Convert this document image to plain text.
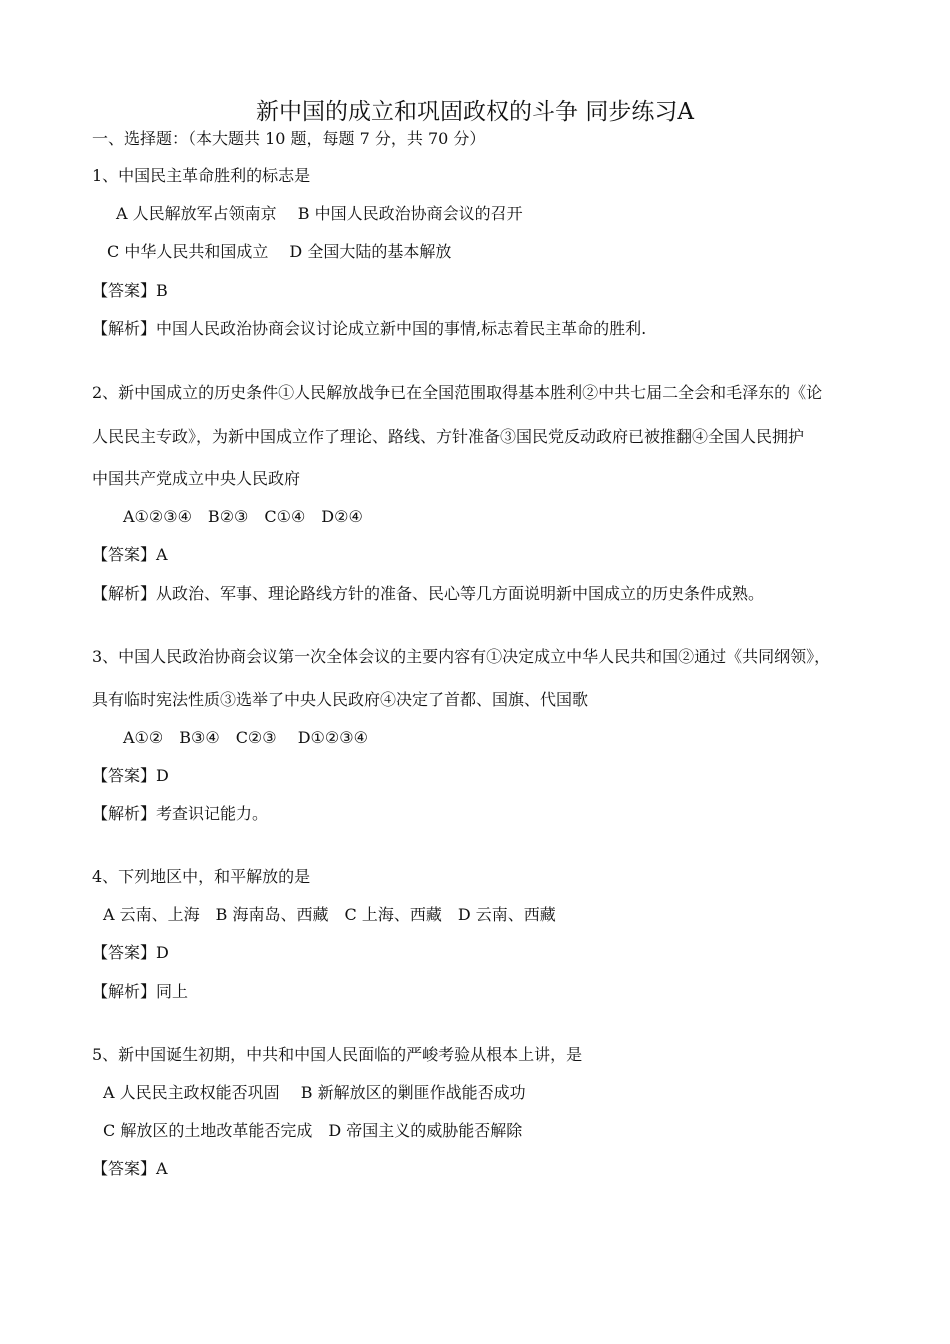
新中国的成立和巩固政权的斗争 同步练习A
一、选择题：（本大题共 10 题，每题 7 分，共 70 分）
1、中国民主革命胜利的标志是
A 人民解放军占领南京　 B 中国人民政治协商会议的召开
C 中华人民共和国成立　 D 全国大陆的基本解放
【答案】B
【解析】中国人民政治协商会议讨论成立新中国的事情,标志着民主革命的胜利.
2、新中国成立的历史条件①人民解放战争已在全国范围取得基本胜利②中共七届二全会和毛泽东的《论
人民民主专政》，为新中国成立作了理论、路线、方针准备③国民党反动政府已被推翻④全国人民拥护
中国共产党成立中央人民政府
A①②③④　B②③　C①④　D②④
【答案】A
【解析】从政治、军事、理论路线方针的准备、民心等几方面说明新中国成立的历史条件成熟。
3、中国人民政治协商会议第一次全体会议的主要内容有①决定成立中华人民共和国②通过《共同纲领》，
具有临时宪法性质③选举了中央人民政府④决定了首都、国旗、代国歌
A①②　B③④　C②③　 D①②③④
【答案】D
【解析】考查识记能力。
4、下列地区中，和平解放的是
A 云南、上海　B 海南岛、西藏　C 上海、西藏　D 云南、西藏
【答案】D
【解析】同上
5、新中国诞生初期，中共和中国人民面临的严峻考验从根本上讲，是
A 人民民主政权能否巩固　 B 新解放区的剿匪作战能否成功
C 解放区的土地改革能否完成　D 帝国主义的威胁能否解除
【答案】A
